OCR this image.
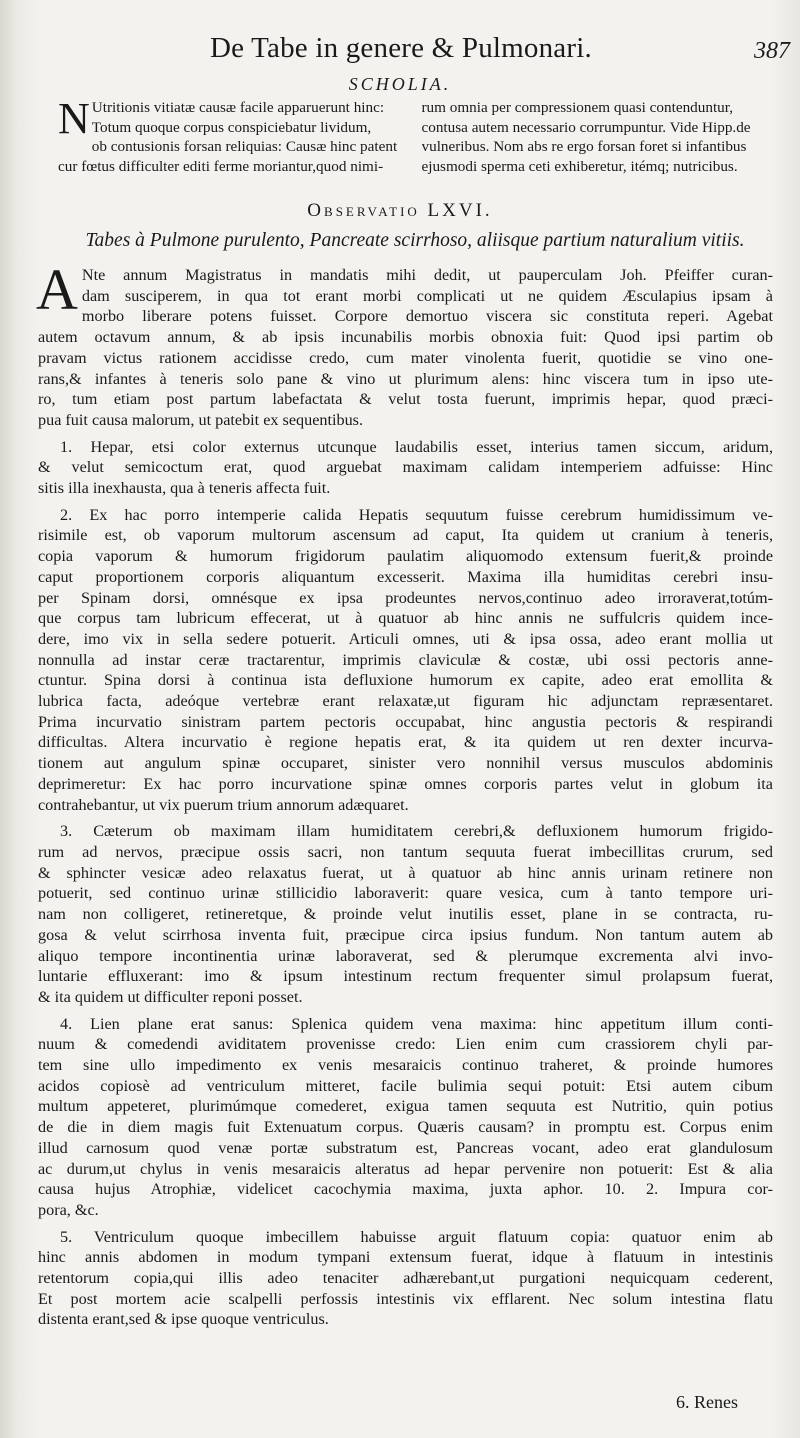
De Tabe in genere & Pulmonari.	387
SCHOLIA.
N Utritionis vitiatæ causæ facile apparuerunt hinc:
Totum quoque corpus conspiciebatur lividum,
ob contusionis forsan reliquias: Causæ hinc patent
cur fœtus difficulter editi ferme moriantur,quod nimi-
rum omnia per compressionem quasi contenduntur,
contusa autem necessario corrumpuntur. Vide Hipp.de
vulneribus. Nom abs re ergo forsan foret si infantibus
ejusmodi sperma ceti exhiberetur, itémq; nutricibus.
Observatio LXVI.
Tabes à Pulmone purulento, Pancreate scirrhoso, aliisque partium naturalium vitiis.
A Nte annum Magistratus in mandatis mihi dedit, ut pauperculam Joh. Pfeiffer curan-
dam susciperem, in qua tot erant morbi complicati ut ne quidem Æsculapius ipsam à
morbo liberare potens fuisset. Corpore demortuo viscera sic constituta reperi. Agebat
autem octavum annum, & ab ipsis incunabilis morbis obnoxia fuit: Quod ipsi partim ob
pravam victus rationem accidisse credo, cum mater vinolenta fuerit, quotidie se vino one-
rans,& infantes à teneris solo pane & vino ut plurimum alens: hinc viscera tum in ipso ute-
ro, tum etiam post partum labefactata & velut tosta fuerunt, imprimis hepar, quod præci-
pua fuit causa malorum, ut patebit ex sequentibus.
1. Hepar, etsi color externus utcunque laudabilis esset, interius tamen siccum, aridum,
& velut semicoctum erat, quod arguebat maximam calidam intemperiem adfuisse: Hinc
sitis illa inexhausta, qua à teneris affecta fuit.
2. Ex hac porro intemperie calida Hepatis sequutum fuisse cerebrum humidissimum ve-
risimile est, ob vaporum multorum ascensum ad caput, Ita quidem ut cranium à teneris,
copia vaporum & humorum frigidorum paulatim aliquomodo extensum fuerit,& proinde
caput proportionem corporis aliquantum excesserit. Maxima illa humiditas cerebri insu-
per Spinam dorsi, omnésque ex ipsa prodeuntes nervos,continuo adeo irroraverat,totúm-
que corpus tam lubricum effecerat, ut à quatuor ab hinc annis ne suffulcris quidem ince-
dere, imo vix in sella sedere potuerit. Articuli omnes, uti & ipsa ossa, adeo erant mollia ut
nonnulla ad instar ceræ tractarentur, imprimis claviculæ & costæ, ubi ossi pectoris anne-
ctuntur. Spina dorsi à continua ista defluxione humorum ex capite, adeo erat emollita &
lubrica facta, adeóque vertebræ erant relaxatæ,ut figuram hic adjunctam repræsentaret.
Prima incurvatio sinistram partem pectoris occupabat, hinc angustia pectoris & respirandi
difficultas. Altera incurvatio è regione hepatis erat, & ita quidem ut ren dexter incurva-
tionem aut angulum spinæ occuparet, sinister vero nonnihil versus musculos abdominis
deprimeretur: Ex hac porro incurvatione spinæ omnes corporis partes velut in globum ita
contrahebantur, ut vix puerum trium annorum adæquaret.
3. Cæterum ob maximam illam humiditatem cerebri,& defluxionem humorum frigido-
rum ad nervos, præcipue ossis sacri, non tantum sequuta fuerat imbecillitas crurum, sed
& sphincter vesicæ adeo relaxatus fuerat, ut à quatuor ab hinc annis urinam retinere non
potuerit, sed continuo urinæ stillicidio laboraverit: quare vesica, cum à tanto tempore uri-
nam non colligeret, retineretque, & proinde velut inutilis esset, plane in se contracta, ru-
gosa & velut scirrhosa inventa fuit, præcipue circa ipsius fundum. Non tantum autem ab
aliquo tempore incontinentia urinæ laboraverat, sed & plerumque excrementa alvi invo-
luntarie effluxerant: imo & ipsum intestinum rectum frequenter simul prolapsum fuerat,
& ita quidem ut difficulter reponi posset.
4. Lien plane erat sanus: Splenica quidem vena maxima: hinc appetitum illum conti-
nuum & comedendi aviditatem provenisse credo: Lien enim cum crassiorem chyli par-
tem sine ullo impedimento ex venis mesaraicis continuo traheret, & proinde humores
acidos copiosè ad ventriculum mitteret, facile bulimia sequi potuit: Etsi autem cibum
multum appeteret, plurimúmque comederet, exigua tamen sequuta est Nutritio, quin potius
de die in diem magis fuit Extenuatum corpus. Quæris causam? in promptu est. Corpus enim
illud carnosum quod venæ portæ substratum est, Pancreas vocant, adeo erat glandulosum
ac durum,ut chylus in venis mesaraicis alteratus ad hepar pervenire non potuerit: Est & alia
causa hujus Atrophiæ, videlicet cacochymia maxima, juxta aphor. 10. 2. Impura cor-
pora, &c.
5. Ventriculum quoque imbecillem habuisse arguit flatuum copia: quatuor enim ab
hinc annis abdomen in modum tympani extensum fuerat, idque à flatuum in intestinis
retentorum copia,qui illis adeo tenaciter adhærebant,ut purgationi nequicquam cederent,
Et post mortem acie scalpelli perfossis intestinis vix efflarent. Nec solum intestina flatu
distenta erant,sed & ipse quoque ventriculus.
6. Renes
